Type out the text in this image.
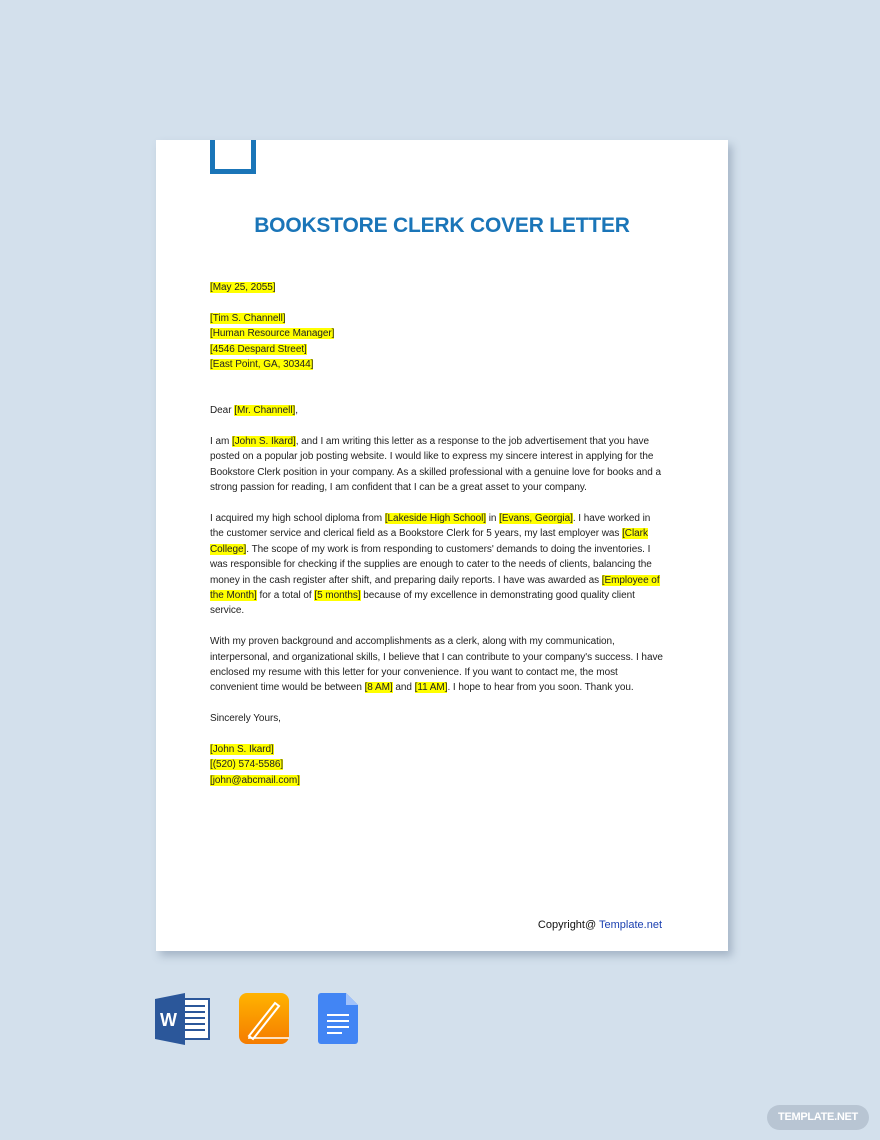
BOOKSTORE CLERK COVER LETTER
[May 25, 2055]
[Tim S. Channell]
[Human Resource Manager]
[4546 Despard Street]
[East Point, GA, 30344]
Dear [Mr. Channell],
I am [John S. Ikard], and I am writing this letter as a response to the job advertisement that you have posted on a popular job posting website. I would like to express my sincere interest in applying for the Bookstore Clerk position in your company. As a skilled professional with a genuine love for books and a strong passion for reading, I am confident that I can be a great asset to your company.
I acquired my high school diploma from [Lakeside High School] in [Evans, Georgia]. I have worked in the customer service and clerical field as a Bookstore Clerk for 5 years, my last employer was [Clark College]. The scope of my work is from responding to customers' demands to doing the inventories. I was responsible for checking if the supplies are enough to cater to the needs of clients, balancing the money in the cash register after shift, and preparing daily reports. I have was awarded as [Employee of the Month] for a total of [5 months] because of my excellence in demonstrating good quality client service.
With my proven background and accomplishments as a clerk, along with my communication, interpersonal, and organizational skills, I believe that I can contribute to your company's success. I have enclosed my resume with this letter for your convenience. If you want to contact me, the most convenient time would be between [8 AM] and [11 AM]. I hope to hear from you soon. Thank you.
Sincerely Yours,
[John S. Ikard]
[(520) 574-5586]
[john@abcmail.com]
Copyright@ Template.net
W
TEMPLATE.NET
